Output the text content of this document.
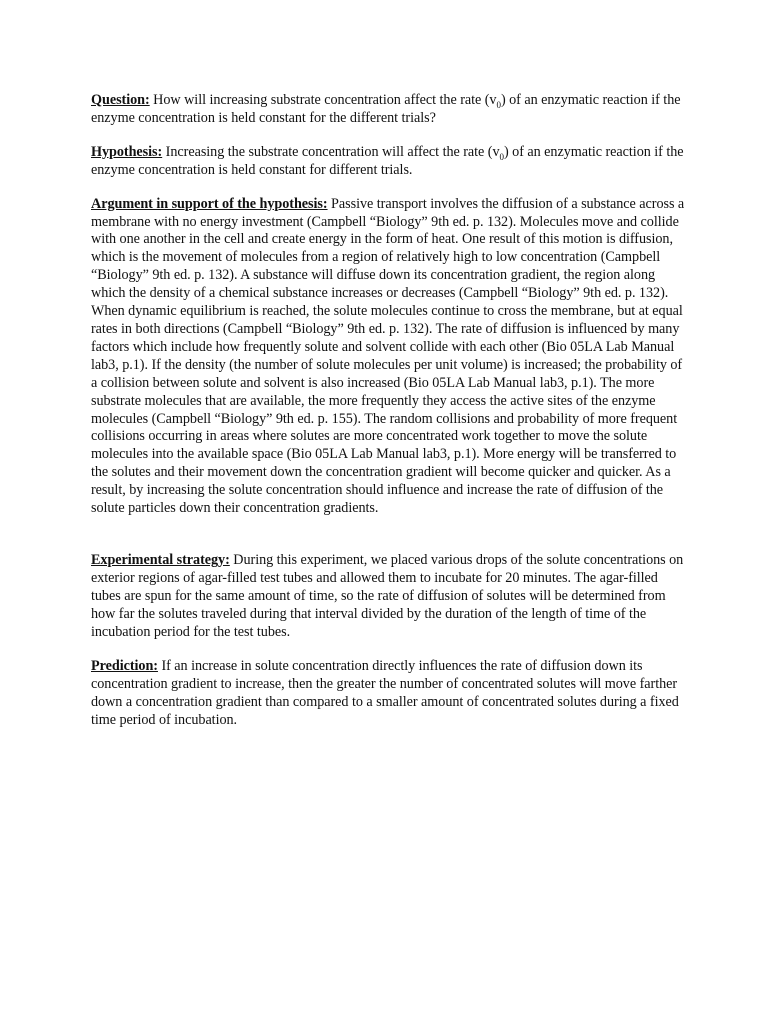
Question: How will increasing substrate concentration affect the rate $(v_0)$ of an enzymatic reaction if the enzyme concentration is held constant for the different trials?

Hypothesis: Increasing the substrate concentration will affect the rate $(v_0)$ of an enzymatic reaction if the enzyme concentration is held constant for different trials.

Argument in support of the hypothesis: Passive transport involves the diffusion of a substance across a membrane with no energy investment (Campbell “Biology” 9th ed. p. 132). Molecules move and collide with one another in the cell and create energy in the form of heat. One result of this motion is diffusion, which is the movement of molecules from a region of relatively high to low concentration (Campbell “Biology” 9th ed. p. 132). A substance will diffuse down its concentration gradient, the region along which the density of a chemical substance increases or decreases (Campbell “Biology” 9th ed. p. 132). When dynamic equilibrium is reached, the solute molecules continue to cross the membrane, but at equal rates in both directions (Campbell “Biology” 9th ed. p. 132). The rate of diffusion is influenced by many factors which include how frequently solute and solvent collide with each other (Bio 05LA Lab Manual lab3, p.1). If the density (the number of solute molecules per unit volume) is increased; the probability of a collision between solute and solvent is also increased (Bio 05LA Lab Manual lab3, p.1). The more substrate molecules that are available, the more frequently they access the active sites of the enzyme molecules (Campbell “Biology” 9th ed. p. 155). The random collisions and probability of more frequent collisions occurring in areas where solutes are more concentrated work together to move the solute molecules into the available space (Bio 05LA Lab Manual lab3, p.1). More energy will be transferred to the solutes and their movement down the concentration gradient will become quicker and quicker. As a result, by increasing the solute concentration should influence and increase the rate of diffusion of the solute particles down their concentration gradients.

Experimental strategy: During this experiment, we placed various drops of the solute concentrations on exterior regions of agar-filled test tubes and allowed them to incubate for 20 minutes. The agar-filled tubes are spun for the same amount of time, so the rate of diffusion of solutes will be determined from how far the solutes traveled during that interval divided by the duration of the length of time of the incubation period for the test tubes.

Prediction: If an increase in solute concentration directly influences the rate of diffusion down its concentration gradient to increase, then the greater the number of concentrated solutes will move farther down a concentration gradient than compared to a smaller amount of concentrated solutes during a fixed time period of incubation.
